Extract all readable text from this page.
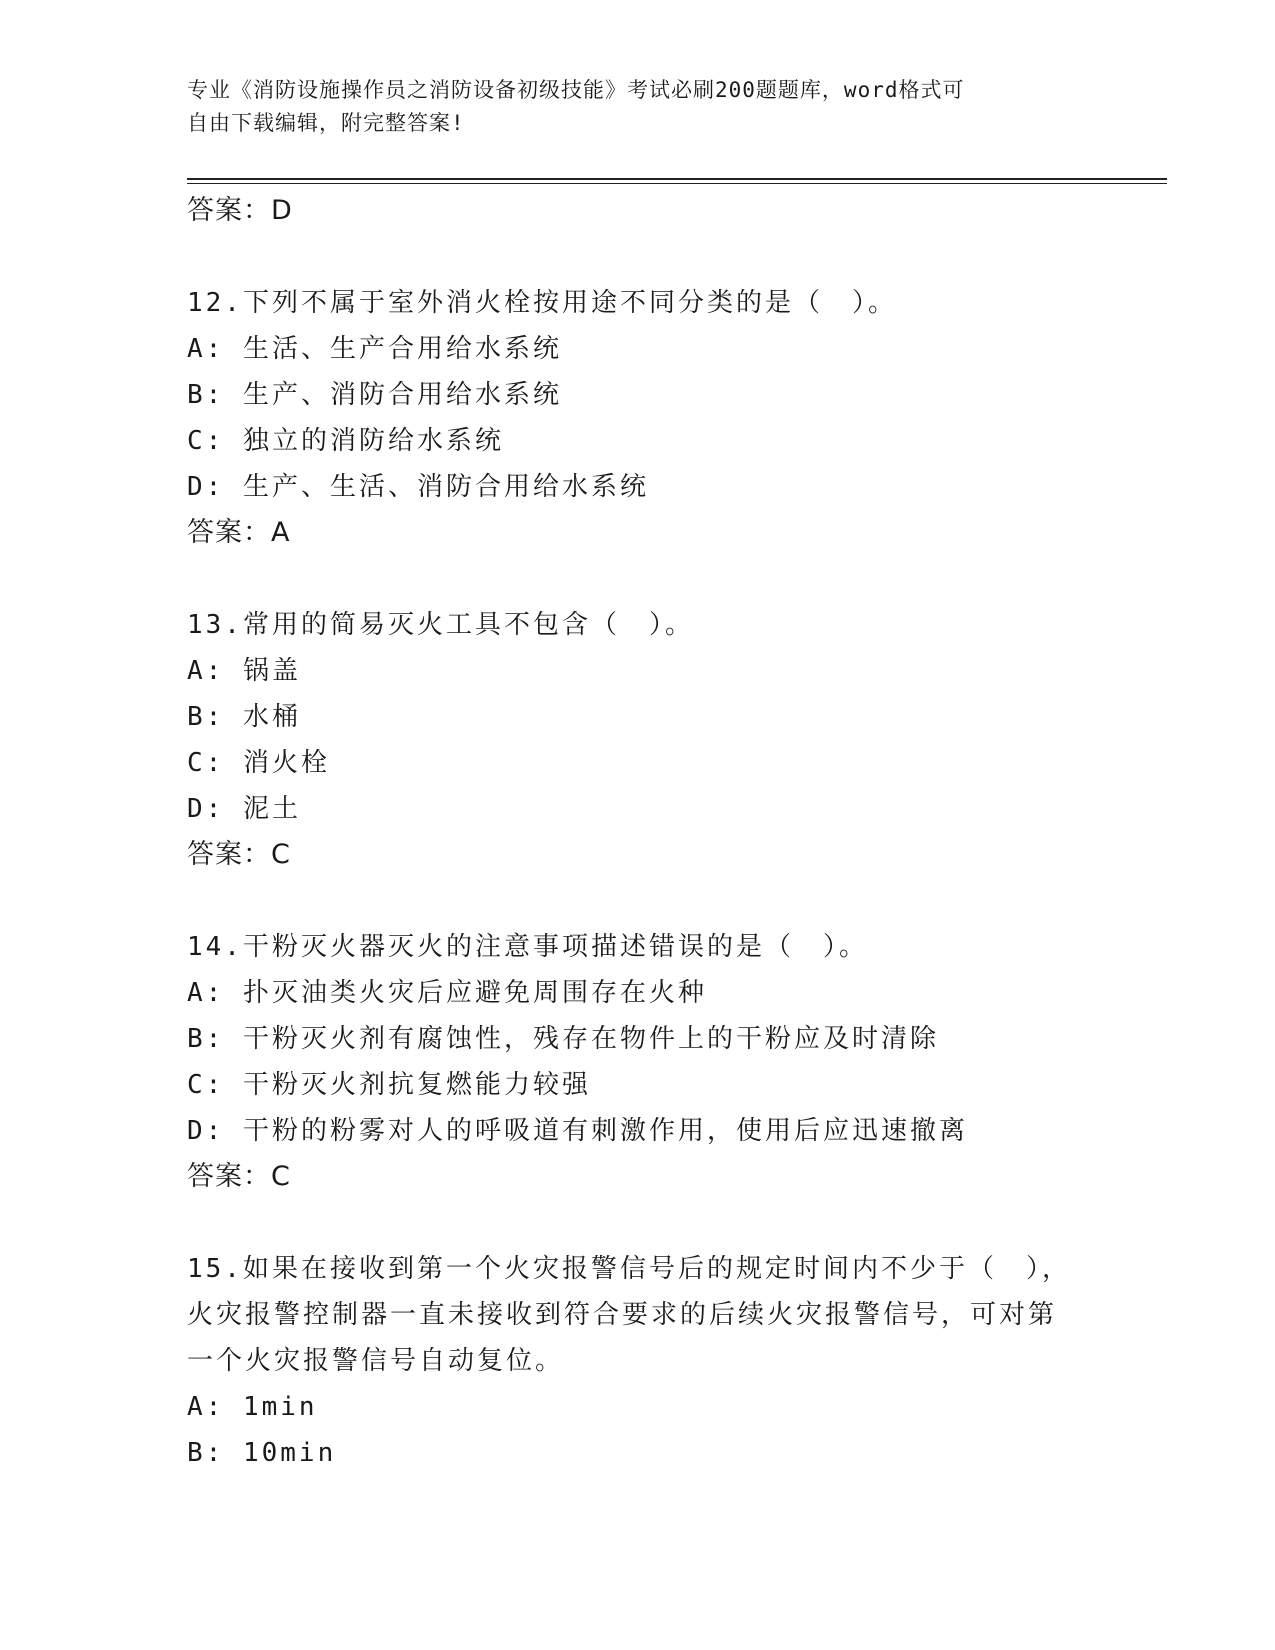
专业《消防设施操作员之消防设备初级技能》考试必刷200题题库，word格式可
自由下载编辑，附完整答案!
答案：D
12.下列不属于室外消火栓按用途不同分类的是（　）。
A: 生活、生产合用给水系统
B: 生产、消防合用给水系统
C: 独立的消防给水系统
D: 生产、生活、消防合用给水系统
答案：A
13.常用的简易灭火工具不包含（　）。
A: 锅盖
B: 水桶
C: 消火栓
D: 泥土
答案：C
14.干粉灭火器灭火的注意事项描述错误的是（　）。
A: 扑灭油类火灾后应避免周围存在火种
B: 干粉灭火剂有腐蚀性，残存在物件上的干粉应及时清除
C: 干粉灭火剂抗复燃能力较强
D: 干粉的粉雾对人的呼吸道有刺激作用，使用后应迅速撤离
答案：C
15.如果在接收到第一个火灾报警信号后的规定时间内不少于（　），
火灾报警控制器一直未接收到符合要求的后续火灾报警信号，可对第
一个火灾报警信号自动复位。
A: 1min
B: 10min
